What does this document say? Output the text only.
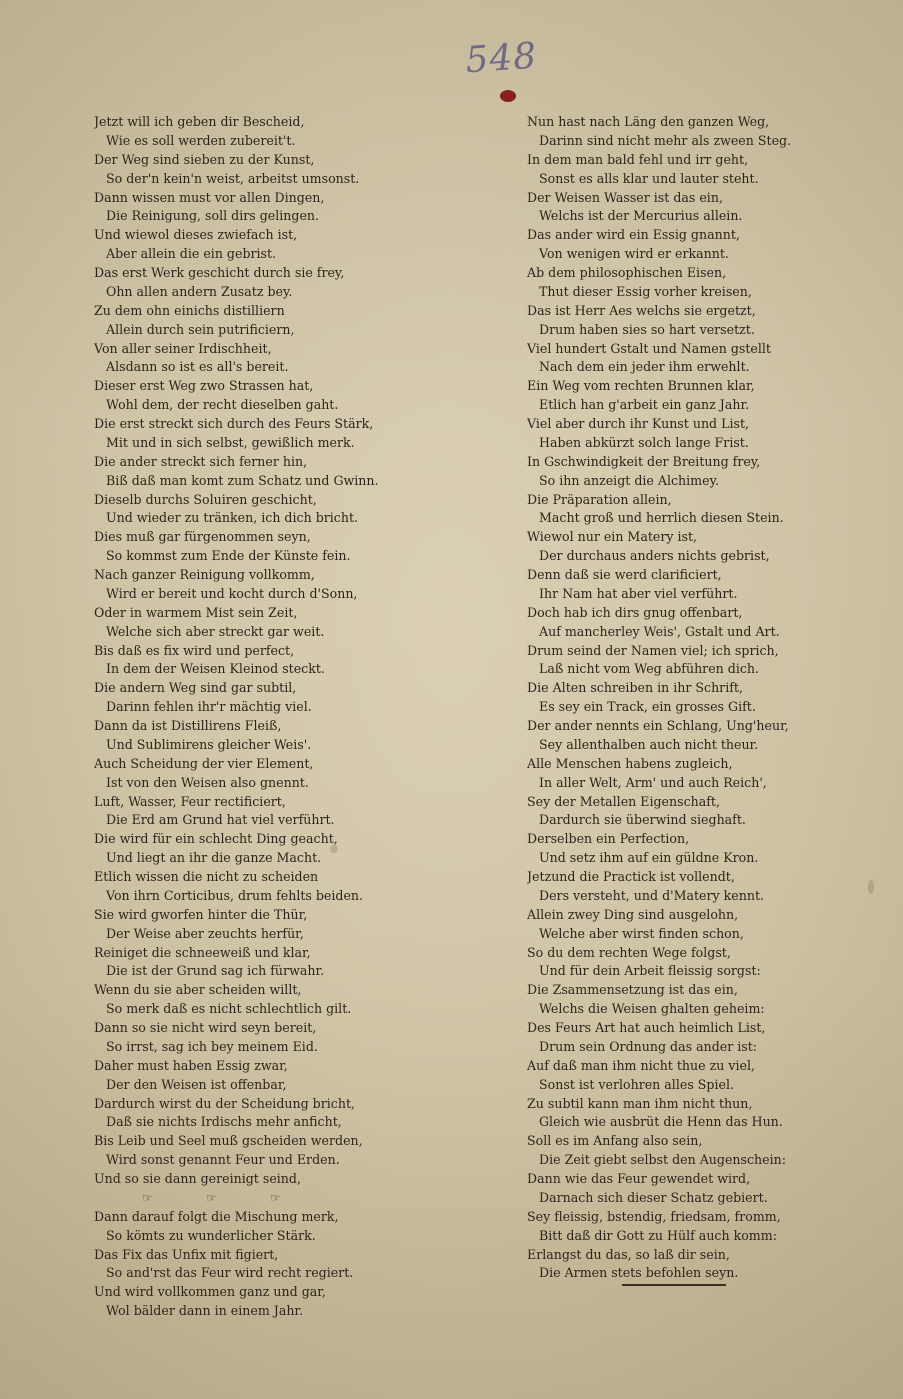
548
Jetzt will ich geben dir Bescheid,
Wie es soll werden zubereit't.
Der Weg sind sieben zu der Kunst,
So der'n kein'n weist, arbeitst umsonst.
Dann wissen must vor allen Dingen,
Die Reinigung, soll dirs gelingen.
Und wiewol dieses zwiefach ist,
Aber allein die ein gebrist.
Das erst Werk geschicht durch sie frey,
Ohn allen andern Zusatz bey.
Zu dem ohn einichs distilliern
Allein durch sein putrificiern,
Von aller seiner Irdischheit,
Alsdann so ist es all's bereit.
Dieser erst Weg zwo Strassen hat,
Wohl dem, der recht dieselben gaht.
Die erst streckt sich durch des Feurs Stärk,
Mit und in sich selbst, gewißlich merk.
Die ander streckt sich ferner hin,
Biß daß man komt zum Schatz und Gwinn.
Dieselb durchs Soluiren geschicht,
Und wieder zu tränken, ich dich bricht.
Dies muß gar fürgenommen seyn,
So kommst zum Ende der Künste fein.
Nach ganzer Reinigung vollkomm,
Wird er bereit und kocht durch d'Sonn,
Oder in warmem Mist sein Zeit,
Welche sich aber streckt gar weit.
Bis daß es fix wird und perfect,
In dem der Weisen Kleinod steckt.
Die andern Weg sind gar subtil,
Darinn fehlen ihr'r mächtig viel.
Dann da ist Distillirens Fleiß,
Und Sublimirens gleicher Weis'.
Auch Scheidung der vier Element,
Ist von den Weisen also gnennt.
Luft, Wasser, Feur rectificiert,
Die Erd am Grund hat viel verführt.
Die wird für ein schlecht Ding geacht,
Und liegt an ihr die ganze Macht.
Etlich wissen die nicht zu scheiden
Von ihrn Corticibus, drum fehlts beiden.
Sie wird gworfen hinter die Thür,
Der Weise aber zeuchts herfür,
Reiniget die schneeweiß und klar,
Die ist der Grund sag ich fürwahr.
Wenn du sie aber scheiden willt,
So merk daß es nicht schlechtlich gilt.
Dann so sie nicht wird seyn bereit,
So irrst, sag ich bey meinem Eid.
Daher must haben Essig zwar,
Der den Weisen ist offenbar,
Dardurch wirst du der Scheidung bricht,
Daß sie nichts Irdischs mehr anficht,
Bis Leib und Seel muß gscheiden werden,
Wird sonst genannt Feur und Erden.
Und so sie dann gereinigt seind,
☞	☞	☞
Dann darauf folgt die Mischung merk,
So kömts zu wunderlicher Stärk.
Das Fix das Unfix mit figiert,
So and'rst das Feur wird recht regiert.
Und wird vollkommen ganz und gar,
Wol bälder dann in einem Jahr.
Nun hast nach Läng den ganzen Weg,
Darinn sind nicht mehr als zween Steg.
In dem man bald fehl und irr geht,
Sonst es alls klar und lauter steht.
Der Weisen Wasser ist das ein,
Welchs ist der Mercurius allein.
Das ander wird ein Essig gnannt,
Von wenigen wird er erkannt.
Ab dem philosophischen Eisen,
Thut dieser Essig vorher kreisen,
Das ist Herr Aes welchs sie ergetzt,
Drum haben sies so hart versetzt.
Viel hundert Gstalt und Namen gstellt
Nach dem ein jeder ihm erwehlt.
Ein Weg vom rechten Brunnen klar,
Etlich han g'arbeit ein ganz Jahr.
Viel aber durch ihr Kunst und List,
Haben abkürzt solch lange Frist.
In Gschwindigkeit der Breitung frey,
So ihn anzeigt die Alchimey.
Die Präparation allein,
Macht groß und herrlich diesen Stein.
Wiewol nur ein Matery ist,
Der durchaus anders nichts gebrist,
Denn daß sie werd clarificiert,
Ihr Nam hat aber viel verführt.
Doch hab ich dirs gnug offenbart,
Auf mancherley Weis', Gstalt und Art.
Drum seind der Namen viel; ich sprich,
Laß nicht vom Weg abführen dich.
Die Alten schreiben in ihr Schrift,
Es sey ein Track, ein grosses Gift.
Der ander nennts ein Schlang, Ung'heur,
Sey allenthalben auch nicht theur.
Alle Menschen habens zugleich,
In aller Welt, Arm' und auch Reich',
Sey der Metallen Eigenschaft,
Dardurch sie überwind sieghaft.
Derselben ein Perfection,
Und setz ihm auf ein güldne Kron.
Jetzund die Practick ist vollendt,
Ders versteht, und d'Matery kennt.
Allein zwey Ding sind ausgelohn,
Welche aber wirst finden schon,
So du dem rechten Wege folgst,
Und für dein Arbeit fleissig sorgst:
Die Zsammensetzung ist das ein,
Welchs die Weisen ghalten geheim:
Des Feurs Art hat auch heimlich List,
Drum sein Ordnung das ander ist:
Auf daß man ihm nicht thue zu viel,
Sonst ist verlohren alles Spiel.
Zu subtil kann man ihm nicht thun,
Gleich wie ausbrüt die Henn das Hun.
Soll es im Anfang also sein,
Die Zeit giebt selbst den Augenschein:
Dann wie das Feur gewendet wird,
Darnach sich dieser Schatz gebiert.
Sey fleissig, bstendig, friedsam, fromm,
Bitt daß dir Gott zu Hülf auch komm:
Erlangst du das, so laß dir sein,
Die Armen stets befohlen seyn.
